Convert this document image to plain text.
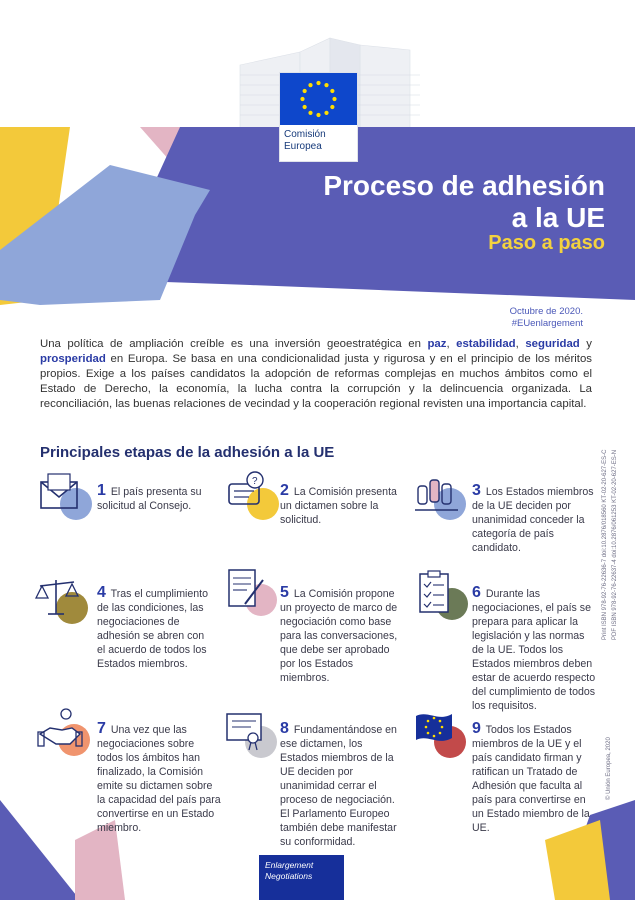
Comisión
Europea
Proceso de adhesión
a la UE
Paso a paso
Octubre de 2020.
#EUenlargement
Una política de ampliación creíble es una inversión geoestratégica en paz, estabilidad, seguridad y prosperidad en Europa. Se basa en una condicionalidad justa y rigurosa y en el principio de los méritos propios. Exige a los países candidatos la adopción de reformas complejas en muchos ámbitos como el Estado de Derecho, la economía, la lucha contra la corrupción y la delincuencia organizada. La reconciliación, las buenas relaciones de vecindad y la cooperación regional revisten una importancia capital.
Principales etapas de la adhesión a la UE
?
1 El país presenta su solicitud al Consejo.
2 La Comisión presenta un dictamen sobre la solicitud.
3 Los Estados miembros de la UE deciden por unanimidad conceder la categoría de país candidato.
4 Tras el cumplimiento de las condiciones, las negociaciones de adhesión se abren con el acuerdo de todos los Estados miembros.
5 La Comisión propone un proyecto de marco de negociación como base para las conversaciones, que debe ser aprobado por los Estados miembros.
6 Durante las negociaciones, el país se prepara para aplicar la legislación y las normas de la UE. Todos los Estados miembros deben estar de acuerdo respecto del cumplimiento de todos los requisitos.
7 Una vez que las negociaciones sobre todos los ámbitos han finalizado, la Comisión emite su dictamen sobre la capacidad del país para convertirse en un Estado miembro.
8 Fundamentándose en ese dictamen, los Estados miembros de la UE deciden por unanimidad cerrar el proceso de negociación. El Parlamento Europeo también debe manifestar su conformidad.
9 Todos los Estados miembros de la UE y el país candidato firman y ratifican un Tratado de Adhesión que faculta al país para convertirse en un Estado miembro de la UE.
Print ISBN 978-92-76-22636-7 doi:10.2876/018560 KT-02-20-627-ES-C PDF ISBN 978-92-76-22637-4 doi:10.2876/061253 KT-02-20-627-ES-N
© Unión Europea, 2020
Enlargement
Negotiations
